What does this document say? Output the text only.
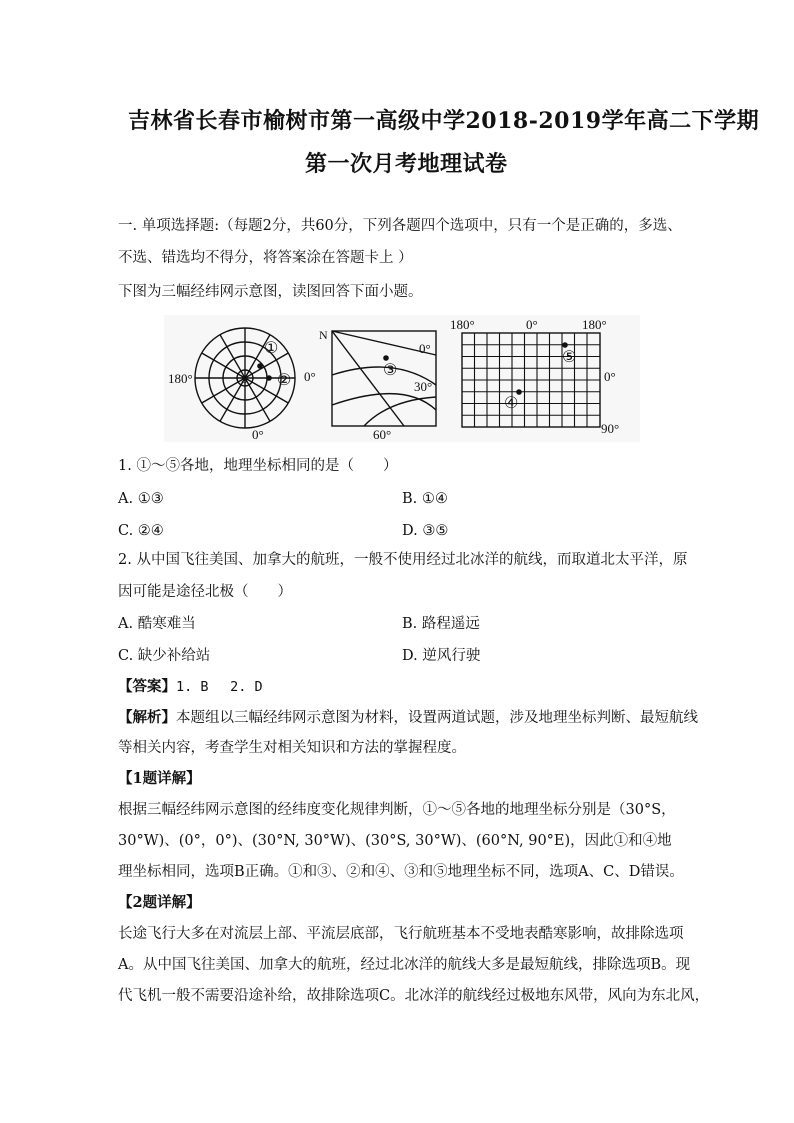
吉林省长春市榆树市第一高级中学2018-2019学年高二下学期
第一次月考地理试卷
一. 单项选择题:（每题2分，共60分，下列各题四个选项中，只有一个是正确的，多选、
不选、错选均不得分，将答案涂在答题卡上 ）
下图为三幅经纬网示意图，读图回答下面小题。
180°	0°
0°
S
①
②
N
0°
30°
60°
③
180°	0°	180°
0°
90°
④
⑤
1. ①～⑤各地，地理坐标相同的是（　　）
A. ①③	B. ①④
C. ②④	D. ③⑤
2. 从中国飞往美国、加拿大的航班，一般不使用经过北冰洋的航线，而取道北太平洋，原
因可能是途径北极（　　）
A. 酷寒难当	B. 路程遥远
C. 缺少补给站	D. 逆风行驶
【答案】1. B　 2. D
【解析】本题组以三幅经纬网示意图为材料，设置两道试题，涉及地理坐标判断、最短航线
等相关内容，考查学生对相关知识和方法的掌握程度。
【1题详解】
根据三幅经纬网示意图的经纬度变化规律判断，①～⑤各地的地理坐标分别是（30°S，
30°W)、(0°，0°)、(30°N, 30°W)、(30°S, 30°W)、(60°N, 90°E)，因此①和④地
理坐标相同，选项B正确。①和③、②和④、③和⑤地理坐标不同，选项A、C、D错误。
【2题详解】
长途飞行大多在对流层上部、平流层底部，飞行航班基本不受地表酷寒影响，故排除选项
A。从中国飞往美国、加拿大的航班，经过北冰洋的航线大多是最短航线，排除选项B。现
代飞机一般不需要沿途补给，故排除选项C。北冰洋的航线经过极地东风带，风向为东北风，
